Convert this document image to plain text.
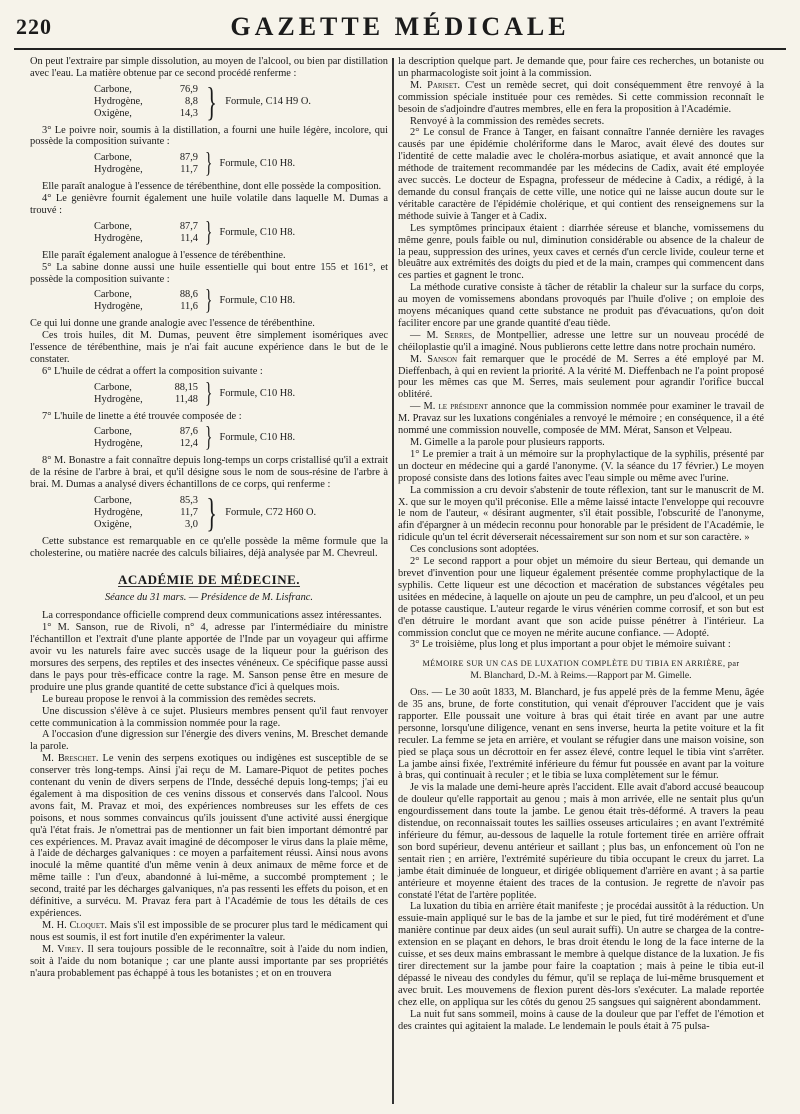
220	GAZETTE MÉDICALE

On peut l'extraire par simple dissolution, au moyen de l'alcool, ou bien par distillation avec l'eau. La matière obtenue par ce second procédé renferme :

Carbone,	76,9
Hydrogène,	8,8
Oxigène,	14,3 } Formule, C14 H9 O.

3° Le poivre noir, soumis à la distillation, a fourni une huile légère, incolore, qui possède la composition suivante :

Carbone,	87,9
Hydrogène,	11,7 } Formule, C10 H8.

Elle paraît analogue à l'essence de térébenthine, dont elle possède la composition.

4° Le genièvre fournit également une huile volatile dans laquelle M. Dumas a trouvé :

Carbone,	87,7
Hydrogène,	11,4 } Formule, C10 H8.

Elle paraît également analogue à l'essence de térébenthine.

5° La sabine donne aussi une huile essentielle qui bout entre 155 et 161°, et possède la composition suivante :

Carbone,	88,6
Hydrogène,	11,6 } Formule, C10 H8.

Ce qui lui donne une grande analogie avec l'essence de térébenthine.

Ces trois huiles, dit M. Dumas, peuvent être simplement isomériques avec l'essence de térébenthine, mais je n'ai fait aucune expérience dans le but de le constater.

6° L'huile de cédrat a offert la composition suivante :

Carbone,	88,15
Hydrogène,	11,48 } Formule, C10 H8.

7° L'huile de linette a été trouvée composée de :

Carbone,	87,6
Hydrogène,	12,4 } Formule, C10 H8.

8° M. Bonastre a fait connaître depuis long-temps un corps cristallisé qu'il a extrait de la résine de l'arbre à brai, et qu'il désigne sous le nom de sous-résine de l'arbre à brai. M. Dumas a analysé divers échantillons de ce corps, qui renferme :

Carbone,	85,3
Hydrogène,	11,7
Oxigène,	3,0 } Formule, C72 H60 O.

Cette substance est remarquable en ce qu'elle possède la même formule que la cholesterine, ou matière nacrée des calculs biliaires, déjà analysée par M. Chevreul.

ACADÉMIE DE MÉDECINE.
Séance du 31 mars. — Présidence de M. Lisfranc.

La correspondance officielle comprend deux communications assez intéressantes.

1° M. Sanson, rue de Rivoli, n° 4, adresse par l'intermédiaire du ministre l'échantillon et l'extrait d'une plante apportée de l'Inde par un voyageur qui affirme avoir vu les naturels faire avec succès usage de la liqueur pour la guérison des morsures des serpens, des reptiles et des insectes vénéneux. Ce spécifique passe aussi dans le pays pour très-efficace contre la rage. M. Sanson pense être en mesure de produire une plus grande quantité de cette substance d'ici à quelques mois.

Le bureau propose le renvoi à la commission des remèdes secrets.

Une discussion s'élève à ce sujet. Plusieurs membres pensent qu'il faut renvoyer cette communication à la commission nommée pour la rage.

A l'occasion d'une digression sur l'énergie des divers venins, M. Breschet demande la parole.

M. Breschet. Le venin des serpens exotiques ou indigènes est susceptible de se conserver très long-temps. Ainsi j'ai reçu de M. Lamare-Piquot de petites poches contenant du venin de divers serpens de l'Inde, desséché depuis long-temps; j'ai eu également à ma disposition de ces venins dissous et conservés dans l'alcool. Nous avons fait, M. Pravaz et moi, des expériences nombreuses sur les effets de ces poisons, et nous sommes convaincus qu'ils jouissent d'une activité aussi énergique qu'à l'état frais. Je n'omettrai pas de mentionner un fait bien important démontré par ces expériences. M. Pravaz avait imaginé de décomposer le virus dans la plaie même, à l'aide de décharges galvaniques : ce moyen a parfaitement réussi. Ainsi nous avons inoculé la même quantité d'un même venin à deux animaux de même force et de même taille : l'un d'eux, abandonné à lui-même, a succombé promptement ; le second, traité par les décharges galvaniques, n'a pas ressenti les effets du poison, et en définitive, a survécu. M. Pravaz fera part à l'Académie de tous les détails de ces expériences.

M. H. Cloquet. Mais s'il est impossible de se procurer plus tard le médicament qui nous est soumis, il est fort inutile d'en expérimenter la valeur.

M. Virey. Il sera toujours possible de le reconnaître, soit à l'aide du nom indien, soit à l'aide du nom botanique ; car une plante aussi importante par ses propriétés n'aura probablement pas échappé à tous les botanistes ; et on en trouvera

la description quelque part. Je demande que, pour faire ces recherches, un botaniste ou un pharmacologiste soit joint à la commission.

M. Pariset. C'est un remède secret, qui doit conséquemment être renvoyé à la commission spéciale instituée pour ces remèdes. Si cette commission reconnaît le besoin de s'adjoindre d'autres membres, elle en fera la proposition à l'Académie.

Renvoyé à la commission des remèdes secrets.

2° Le consul de France à Tanger, en faisant connaître l'année dernière les ravages causés par une épidémie cholériforme dans le Maroc, avait élevé des doutes sur l'identité de cette maladie avec le choléra-morbus asiatique, et avait annoncé que la méthode de traitement recommandée par les médecins de Cadix, avait été employée avec succès. Le docteur de Espagna, professeur de médecine à Cadix, a rédigé, à la demande du consul français de cette ville, une notice qui ne laisse aucun doute sur le véritable caractère de l'épidémie cholérique, et qui contient des renseignemens sur la méthode suivie à Tanger et à Cadix.

Les symptômes principaux étaient : diarrhée séreuse et blanche, vomissemens du même genre, pouls faible ou nul, diminution considérable ou absence de la chaleur de la peau, suppression des urines, yeux caves et cernés d'un cercle livide, couleur terne et bleuâtre aux extrémités des doigts du pied et de la main, crampes qui commencent dans ces parties et gagnent le tronc.

La méthode curative consiste à tâcher de rétablir la chaleur sur la surface du corps, au moyen de vomissemens abondans provoqués par l'huile d'olive ; on emploie des moyens mécaniques quand cette substance ne produit pas d'évacuations, qu'on doit faciliter encore par une grande quantité d'eau tiède.

— M. Serres, de Montpellier, adresse une lettre sur un nouveau procédé de chéiloplastie qu'il a imaginé. Nous publierons cette lettre dans notre prochain numéro.

M. Sanson fait remarquer que le procédé de M. Serres a été employé par M. Dieffenbach, à qui en revient la priorité. A la vérité M. Dieffenbach ne l'a point proposé pour les mêmes cas que M. Serres, mais seulement pour agrandir l'orifice buccal oblitéré.

— M. le président annonce que la commission nommée pour examiner le travail de M. Pravaz sur les luxations congéniales a renvoyé le mémoire ; en conséquence, il a été nommé une commission nouvelle, composée de MM. Mérat, Sanson et Velpeau.

M. Gimelle a la parole pour plusieurs rapports.

1° Le premier a trait à un mémoire sur la prophylactique de la syphilis, présenté par un docteur en médecine qui a gardé l'anonyme. (V. la séance du 17 février.) Le moyen proposé consiste dans des lotions faites avec l'eau simple ou même avec l'urine.

La commission a cru devoir s'abstenir de toute réflexion, tant sur le manuscrit de M. X. que sur le moyen qu'il préconise. Elle a même laissé intacte l'enveloppe qui recouvre le nom de l'auteur, « désirant augmenter, s'il était possible, l'obscurité de l'anonyme, afin d'épargner à un médecin reconnu pour honorable par le président de l'Académie, le ridicule qu'un tel écrit déverserait nécessairement sur son nom et sur son caractère. »

Ces conclusions sont adoptées.

2° Le second rapport a pour objet un mémoire du sieur Berteau, qui demande un brevet d'invention pour une liqueur également présentée comme prophylactique de la syphilis. Cette liqueur est une décoction et macération de substances végétales peu usitées en médecine, à laquelle on ajoute un peu de camphre, un peu d'alcool, et un peu de potasse caustique. L'auteur regarde le virus vénérien comme corrosif, et son but est d'en détruire le mordant avant que son acide puisse pénétrer à l'intérieur. La commission conclut que ce moyen ne mérite aucune confiance. — Adopté.

3° Le troisième, plus long et plus important a pour objet le mémoire suivant :

MÉMOIRE SUR UN CAS DE LUXATION COMPLÈTE DU TIBIA EN ARRIÈRE, par
M. Blanchard, D.-M. à Reims.—Rapport par M. Gimelle.

Obs. — Le 30 août 1833, M. Blanchard, je fus appelé près de la femme Menu, âgée de 35 ans, brune, de forte constitution, qui venait d'éprouver l'accident que je vais rapporter. Elle poussait une voiture à bras qui était tirée en avant par une autre personne, lorsqu'une diligence, venant en sens inverse, heurta la petite voiture et la fit reculer. La femme se jeta en arrière, et voulant se réfugier dans une maison voisine, son pied se plaça sous un décrottoir en fer assez élevé, contre lequel le tibia vint s'arrêter. La jambe ainsi fixée, l'extrémité inférieure du fémur fut poussée en avant par la voiture à bras, qui continuait à reculer ; et le tibia se luxa complètement sur le fémur.

Je vis la malade une demi-heure après l'accident. Elle avait d'abord accusé beaucoup de douleur qu'elle rapportait au genou ; mais à mon arrivée, elle ne sentait plus qu'un engourdissement dans toute la jambe. Le genou était très-déformé. A travers la peau distendue, on reconnaissait toutes les saillies osseuses articulaires ; en avant l'extrémité inférieure du fémur, au-dessous de laquelle la rotule fortement tirée en arrière offrait son bord supérieur, devenu antérieur et saillant ; plus bas, un enfoncement où l'on ne sentait rien ; en arrière, l'extrémité supérieure du tibia occupant le creux du jarret. La jambe était diminuée de longueur, et dirigée obliquement d'arrière en avant ; à sa partie antérieure et moyenne étaient des traces de la contusion. Je regrette de n'avoir pas constaté l'état de l'artère poplitée.

La luxation du tibia en arrière était manifeste ; je procédai aussitôt à la réduction. Un essuie-main appliqué sur le bas de la jambe et sur le pied, fut tiré modérément et d'une manière continue par deux aides (un seul aurait suffi). Un autre se chargea de la contre-extension en se plaçant en dehors, le bras droit étendu le long de la face interne de la cuisse, et ses deux mains embrassant le membre à quelque distance de la luxation. Je fis tirer directement sur la jambe pour faire la coaptation ; mais à peine le tibia eut-il dépassé le niveau des condyles du fémur, qu'il se replaça de lui-même brusquement et avec bruit. Les mouvemens de flexion purent dès-lors s'exécuter. La malade reportée chez elle, on appliqua sur les côtés du genou 25 sangsues qui saignèrent abondamment.

La nuit fut sans sommeil, moins à cause de la douleur que par l'effet de l'émotion et des craintes qui agitaient la malade. Le lendemain le pouls était à 75 pulsa-
